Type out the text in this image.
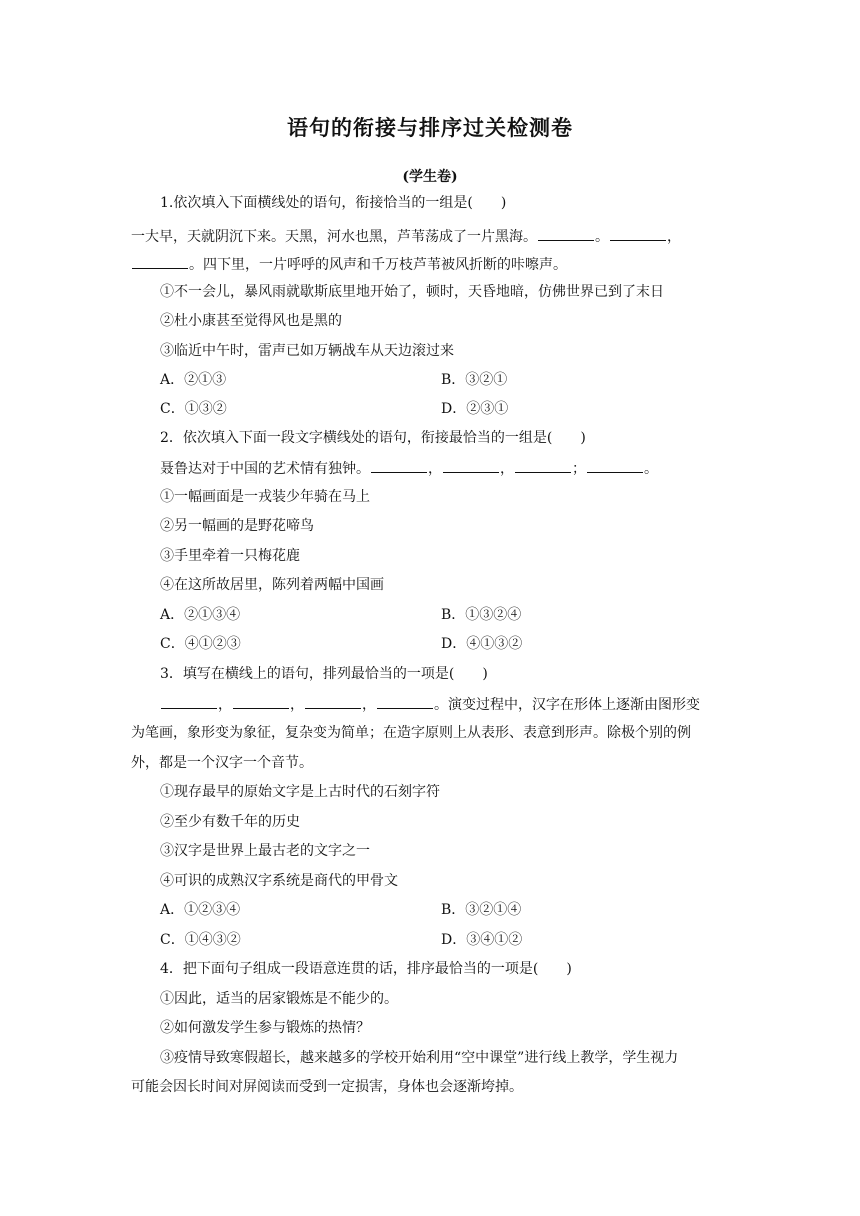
语句的衔接与排序过关检测卷
(学生卷)
1.依次填入下面横线处的语句，衔接恰当的一组是(　　)
一大早，天就阴沉下来。天黑，河水也黑，芦苇荡成了一片黑海。	。	，
。四下里，一片呼呼的风声和千万枝芦苇被风折断的咔嚓声。
①不一会儿，暴风雨就歇斯底里地开始了，顿时，天昏地暗，仿佛世界已到了末日
②杜小康甚至觉得风也是黑的
③临近中午时，雷声已如万辆战车从天边滚过来
A．②①③	B．③②①
C．①③②	D．②③①
2．依次填入下面一段文字横线处的语句，衔接最恰当的一组是(　　)
聂鲁达对于中国的艺术情有独钟。	，	，	；	。
①一幅画面是一戎装少年骑在马上
②另一幅画的是野花啼鸟
③手里牵着一只梅花鹿
④在这所故居里，陈列着两幅中国画
A．②①③④	B．①③②④
C．④①②③	D．④①③②
3．填写在横线上的语句，排列最恰当的一项是(　　)
，	，	，	。演变过程中，汉字在形体上逐渐由图形变
为笔画，象形变为象征，复杂变为简单；在造字原则上从表形、表意到形声。除极个别的例
外，都是一个汉字一个音节。
①现存最早的原始文字是上古时代的石刻字符
②至少有数千年的历史
③汉字是世界上最古老的文字之一
④可识的成熟汉字系统是商代的甲骨文
A．①②③④	B．③②①④
C．①④③②	D．③④①②
4．把下面句子组成一段语意连贯的话，排序最恰当的一项是(　　)
①因此，适当的居家锻炼是不能少的。
②如何激发学生参与锻炼的热情？
③疫情导致寒假超长，越来越多的学校开始利用“空中课堂”进行线上教学，学生视力
可能会因长时间对屏阅读而受到一定损害，身体也会逐渐垮掉。
